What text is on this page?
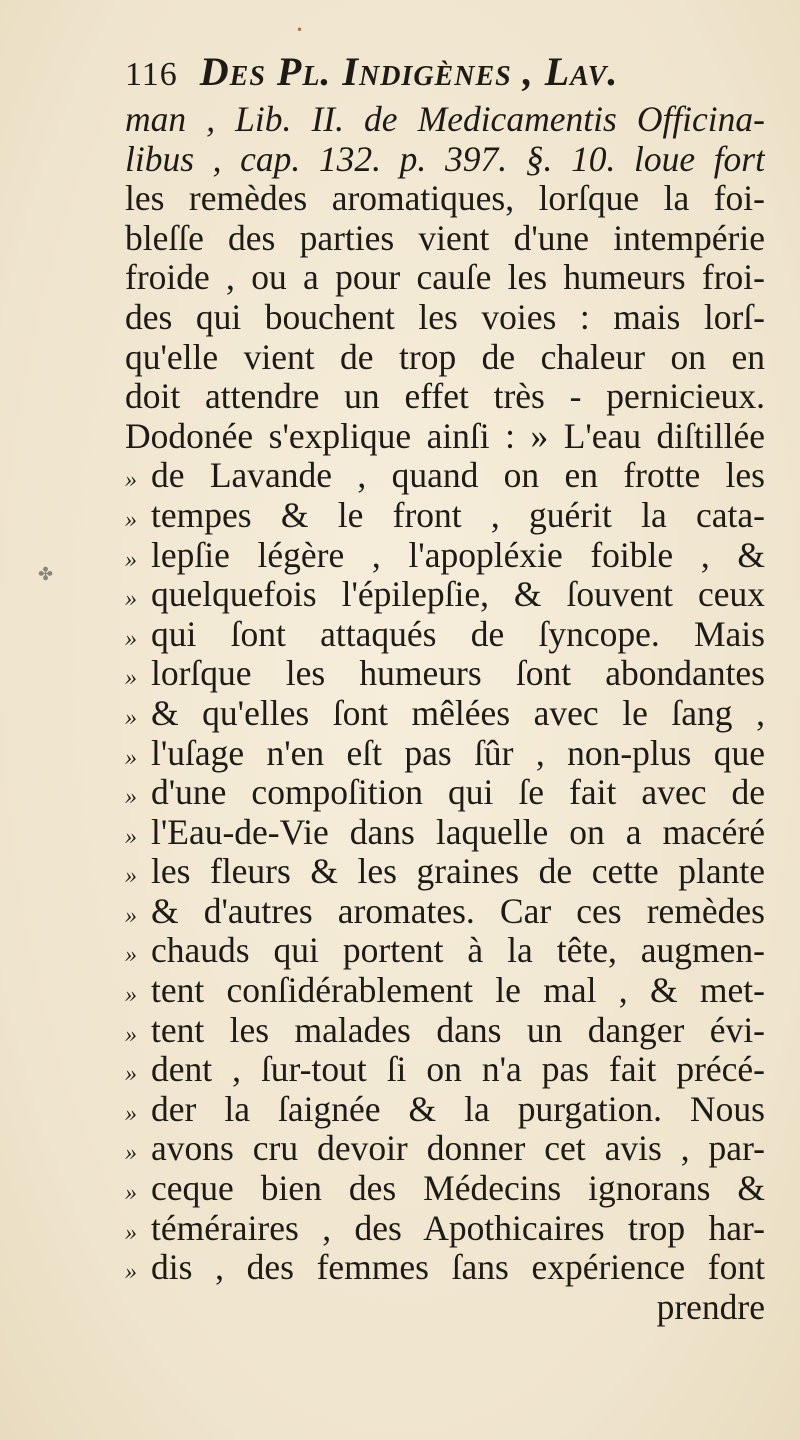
•
116 Des Pl. Indigènes , Lav.
✤
man , Lib. II. de Medicamentis Officina-
libus , cap. 132. p. 397. §. 10. loue fort
les remèdes aromatiques, lorſque la foi-
bleſſe des parties vient d'une intempérie
froide , ou a pour cauſe les humeurs froi-
des qui bouchent les voies : mais lorſ-
qu'elle vient de trop de chaleur on en
doit attendre un effet très - pernicieux.
Dodonée s'explique ainſi : » L'eau diſtillée
» de Lavande , quand on en frotte les
» tempes & le front , guérit la cata-
» lepſie légère , l'apopléxie foible , &
» quelquefois l'épilepſie, & ſouvent ceux
» qui ſont attaqués de ſyncope. Mais
» lorſque les humeurs ſont abondantes
» & qu'elles ſont mêlées avec le ſang ,
» l'uſage n'en eſt pas ſûr , non-plus que
» d'une compoſition qui ſe fait avec de
» l'Eau-de-Vie dans laquelle on a macéré
» les fleurs & les graines de cette plante
» & d'autres aromates. Car ces remèdes
» chauds qui portent à la tête, augmen-
» tent conſidérablement le mal , & met-
» tent les malades dans un danger évi-
» dent , ſur-tout ſi on n'a pas fait précé-
» der la ſaignée & la purgation. Nous
» avons cru devoir donner cet avis , par-
» ceque bien des Médecins ignorans &
» téméraires , des Apothicaires trop har-
» dis , des femmes ſans expérience font
prendre
